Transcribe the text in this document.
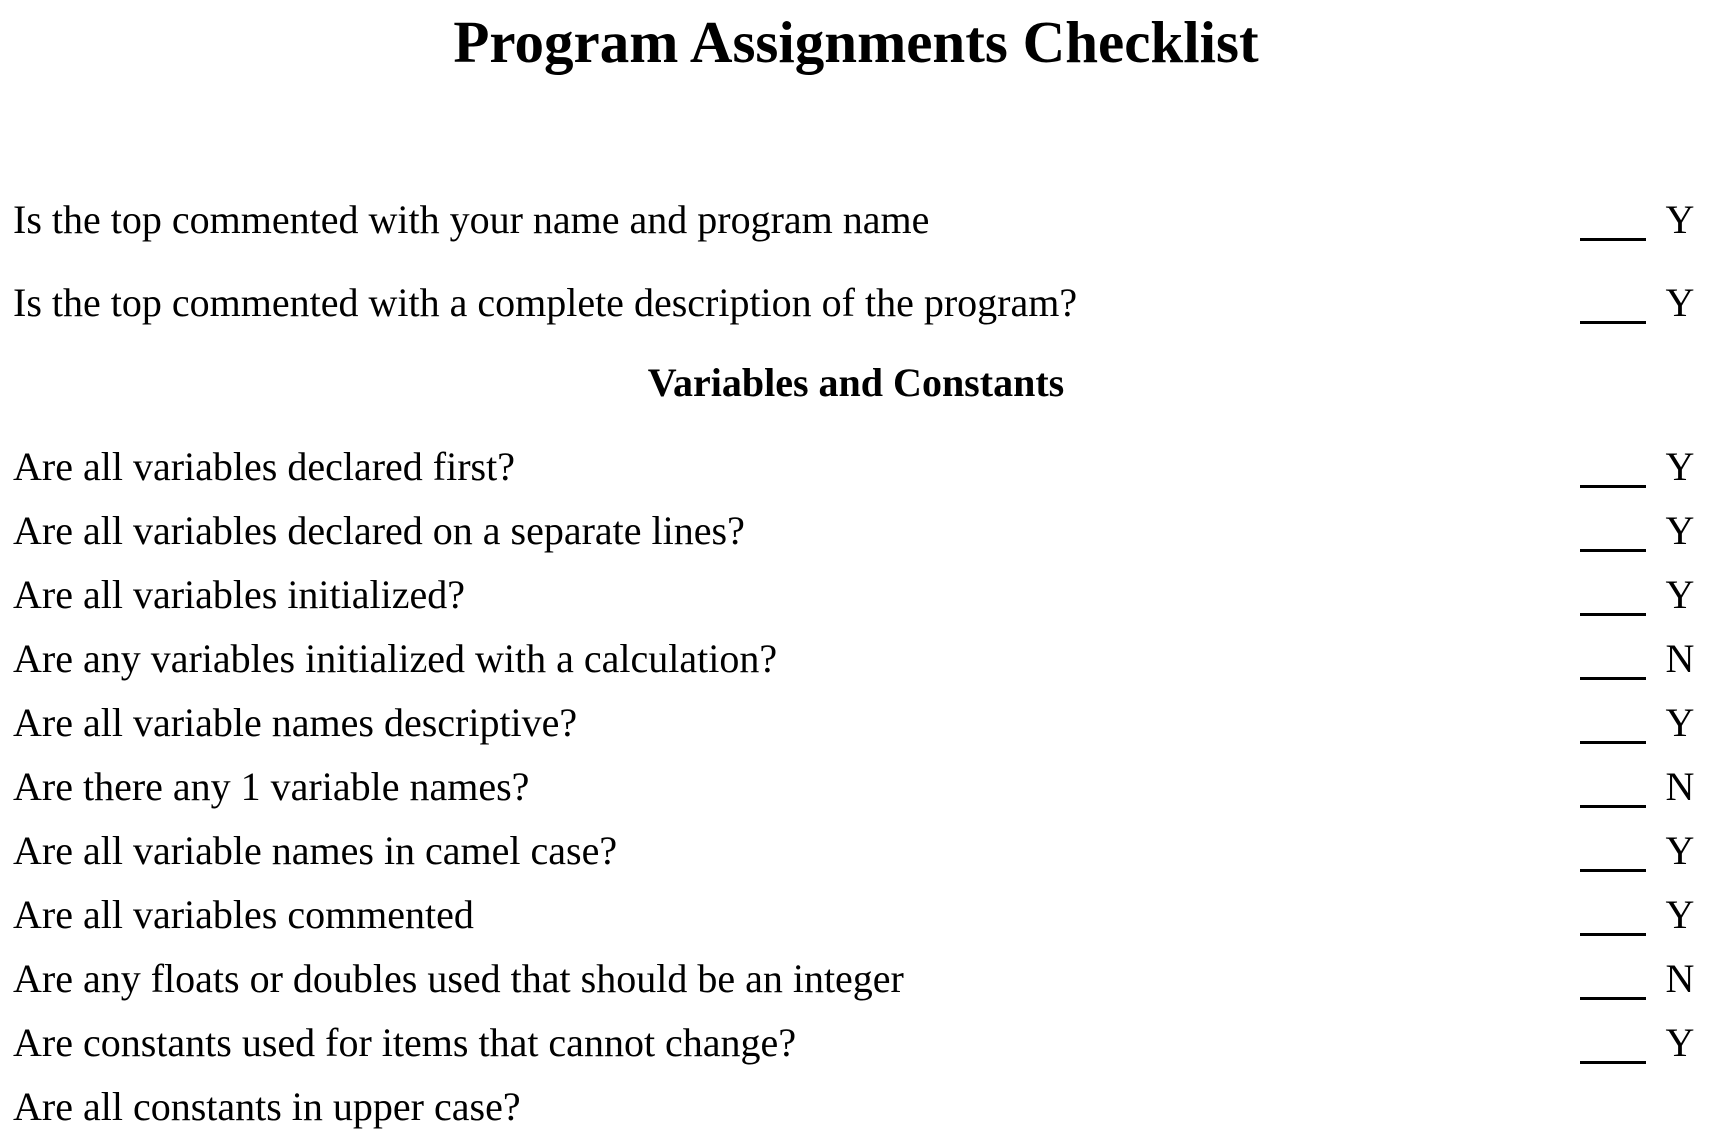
Program Assignments Checklist
Is the top commented with your name and program name	Y
Is the top commented with a complete description of the program?	Y
Variables and Constants
Are all variables declared first?	Y
Are all variables declared on a separate lines?	Y
Are all variables initialized?	Y
Are any variables initialized with a calculation?	N
Are all variable names descriptive?	Y
Are there any 1 variable names?	N
Are all variable names in camel case?	Y
Are all variables commented	Y
Are any floats or doubles used that should be an integer	N
Are constants used for items that cannot change?	Y
Are all constants in upper case?
